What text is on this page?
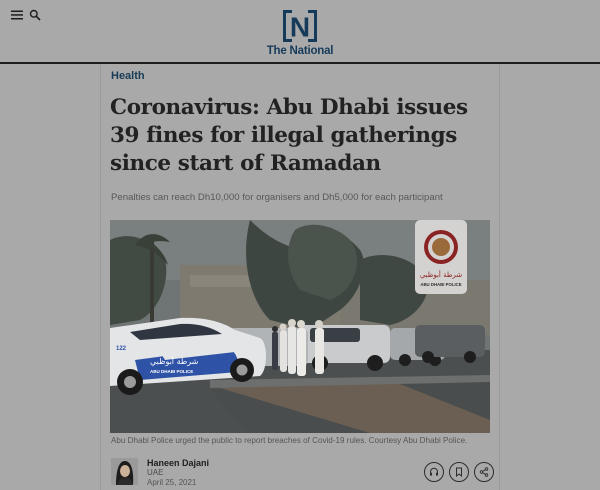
N
The National
Health
Coronavirus: Abu Dhabi issues 39 fines for illegal gatherings since start of Ramadan

Penalties can reach Dh10,000 for organisers and Dh5,000 for each participant

122
شرطة أبوظبي
ABU DHABI POLICE
شرطة أبوظبي
ABU DHABI POLICE

Abu Dhabi Police urged the public to report breaches of Covid-19 rules. Courtesy Abu Dhabi Police.

Haneen Dajani
UAE
April 25, 2021
